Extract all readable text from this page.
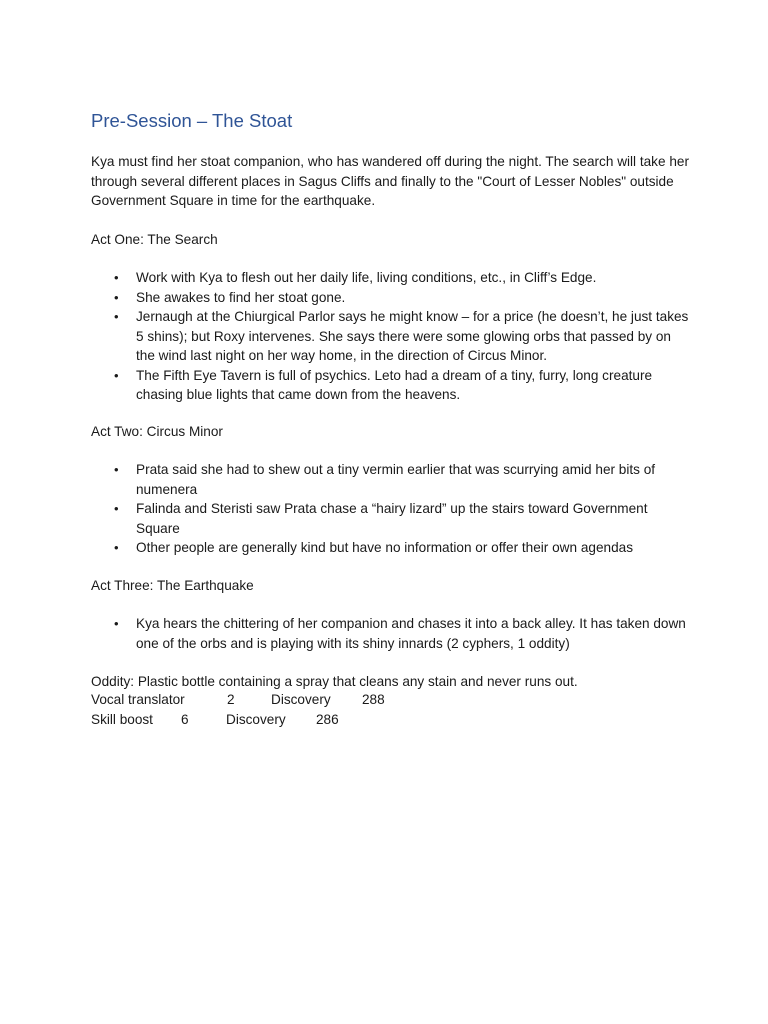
Pre-Session – The Stoat

Kya must find her stoat companion, who has wandered off during the night. The search will take her through several different places in Sagus Cliffs and finally to the "Court of Lesser Nobles" outside Government Square in time for the earthquake.

Act One: The Search

• Work with Kya to flesh out her daily life, living conditions, etc., in Cliff’s Edge.
• She awakes to find her stoat gone.
• Jernaugh at the Chiurgical Parlor says he might know – for a price (he doesn’t, he just takes 5 shins); but Roxy intervenes. She says there were some glowing orbs that passed by on the wind last night on her way home, in the direction of Circus Minor.
• The Fifth Eye Tavern is full of psychics. Leto had a dream of a tiny, furry, long creature chasing blue lights that came down from the heavens.

Act Two: Circus Minor

• Prata said she had to shew out a tiny vermin earlier that was scurrying amid her bits of numenera
• Falinda and Steristi saw Prata chase a “hairy lizard” up the stairs toward Government Square
• Other people are generally kind but have no information or offer their own agendas

Act Three: The Earthquake

• Kya hears the chittering of her companion and chases it into a back alley. It has taken down one of the orbs and is playing with its shiny innards (2 cyphers, 1 oddity)

Oddity: Plastic bottle containing a spray that cleans any stain and never runs out.

Vocal translator	2	Discovery 288
Skill boost 6	Discovery 286
